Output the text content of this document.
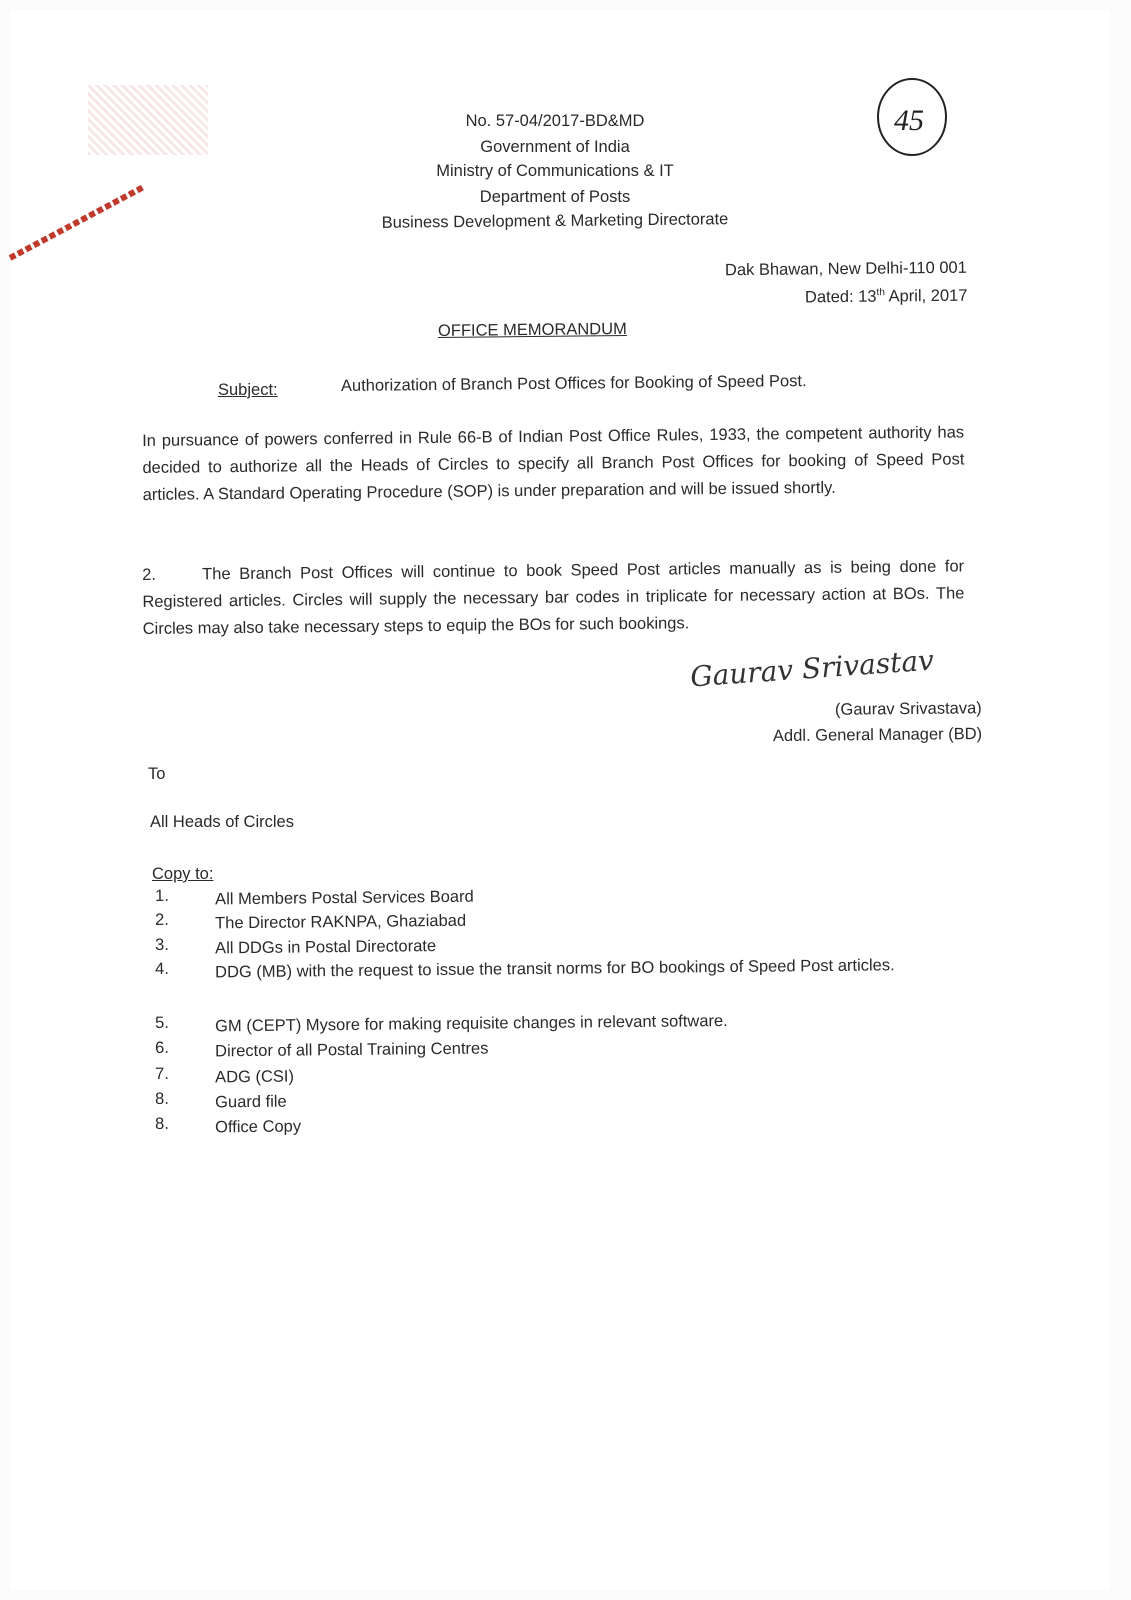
45
No. 57-04/2017-BD&MD
Government of India
Ministry of Communications & IT
Department of Posts
Business Development & Marketing Directorate
Dak Bhawan, New Delhi-110 001
Dated: 13th April, 2017
OFFICE MEMORANDUM
Subject:	Authorization of Branch Post Offices for Booking of Speed Post.
In pursuance of powers conferred in Rule 66-B of Indian Post Office Rules, 1933, the competent authority has decided to authorize all the Heads of Circles to specify all Branch Post Offices for booking of Speed Post articles. A Standard Operating Procedure (SOP) is under preparation and will be issued shortly.
2.	The Branch Post Offices will continue to book Speed Post articles manually as is being done for Registered articles. Circles will supply the necessary bar codes in triplicate for necessary action at BOs. The Circles may also take necessary steps to equip the BOs for such bookings.
Gaurav Srivastav
(Gaurav Srivastava)
Addl. General Manager (BD)
To
All Heads of Circles
Copy to:
1.	All Members Postal Services Board
2.	The Director RAKNPA, Ghaziabad
3.	All DDGs in Postal Directorate
4.	DDG (MB) with the request to issue the transit norms for BO bookings of Speed Post articles.
5.	GM (CEPT) Mysore for making requisite changes in relevant software.
6.	Director of all Postal Training Centres
7.	ADG (CSI)
8.	Guard file
8.	Office Copy
